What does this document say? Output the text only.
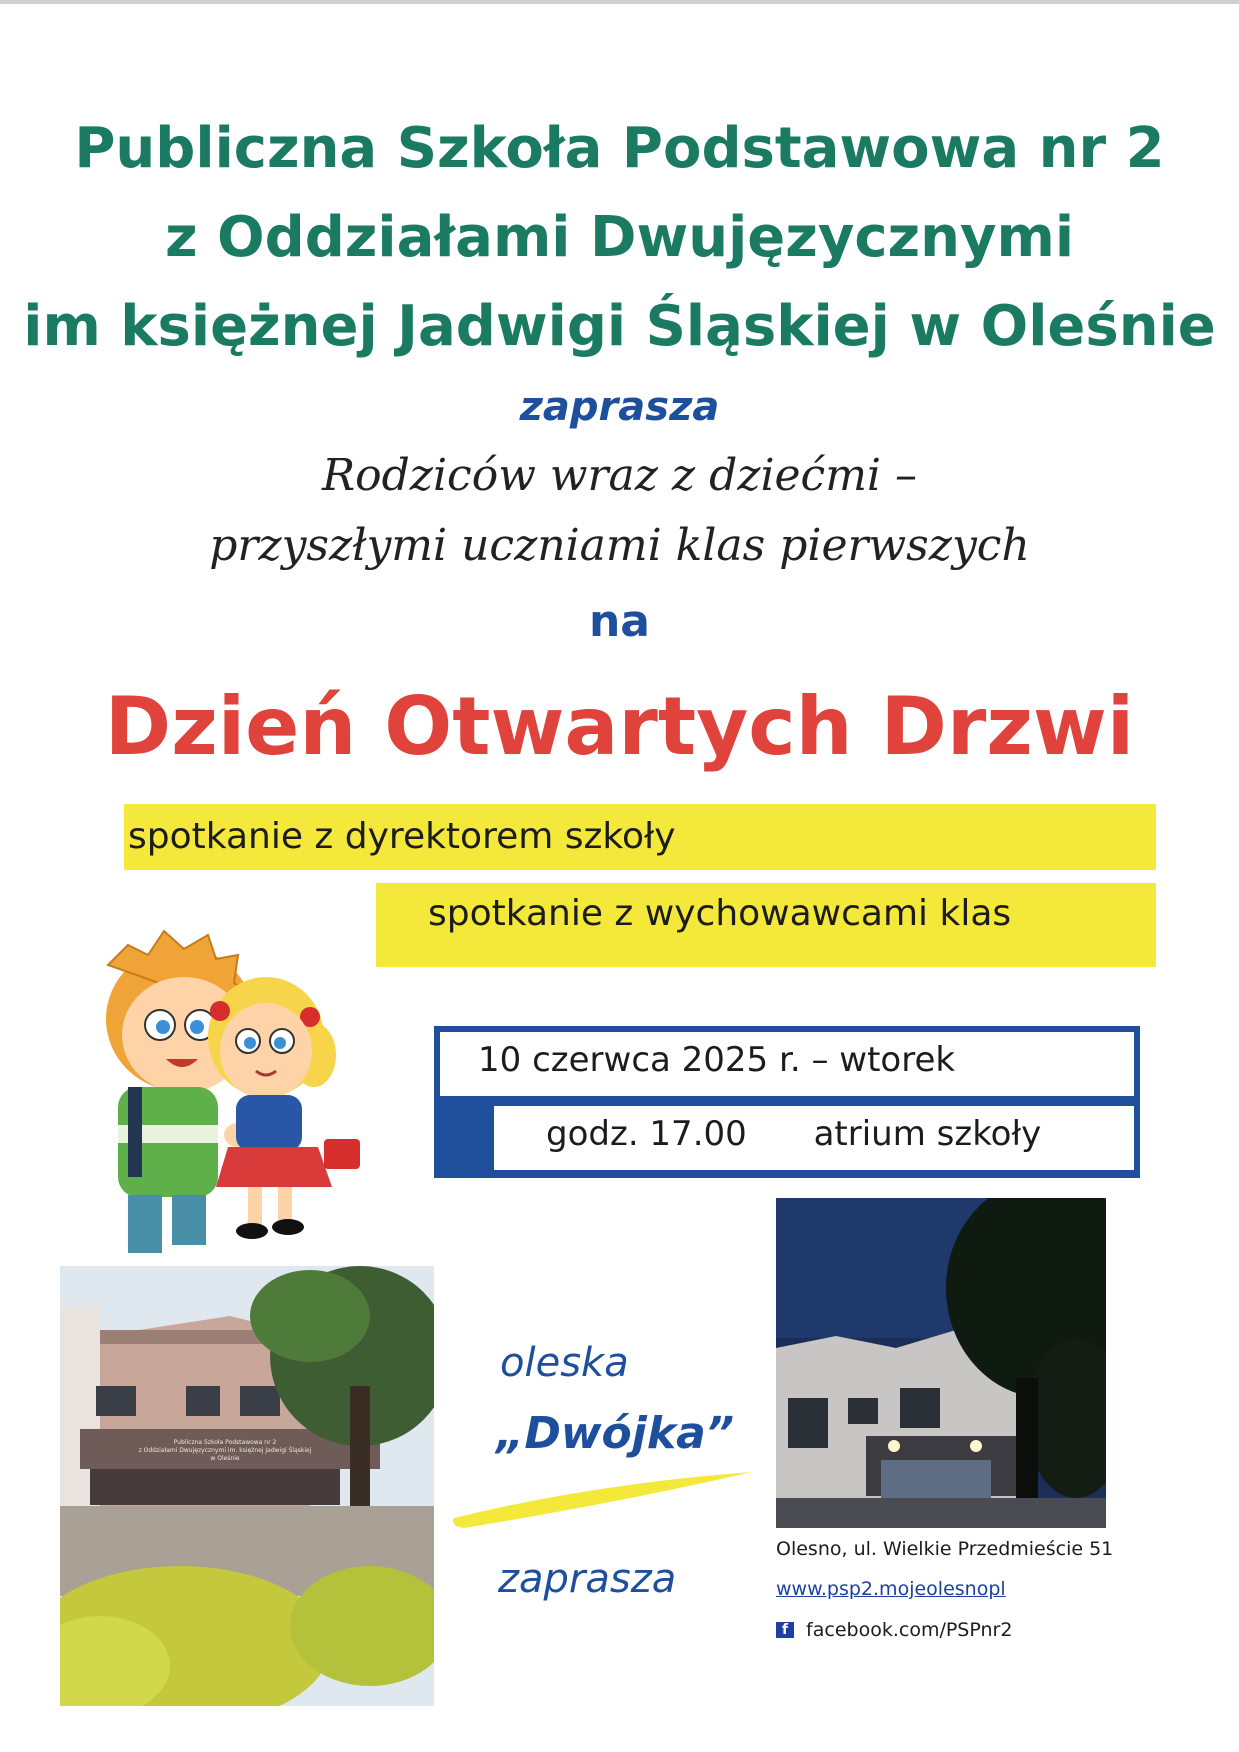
Publiczna Szkoła Podstawowa nr 2
z Oddziałami Dwujęzycznymi
im księżnej Jadwigi Śląskiej w Oleśnie
zaprasza
Rodziców wraz z dziećmi –
przyszłymi uczniami klas pierwszych
na
Dzień Otwartych Drzwi
spotkanie z dyrektorem szkoły
spotkanie z wychowawcami klas
10 czerwca 2025 r. – wtorek
godz. 17.00 atrium szkoły
Publiczna Szkoła Podstawowa nr 2
z Oddziałami Dwujęzycznymi im. księżnej Jadwigi Śląskiej
w Oleśnie
oleska
„Dwójka”
zaprasza
Olesno, ul. Wielkie Przedmieście 51
www.psp2.mojeolesnopl
f facebook.com/PSPnr2
